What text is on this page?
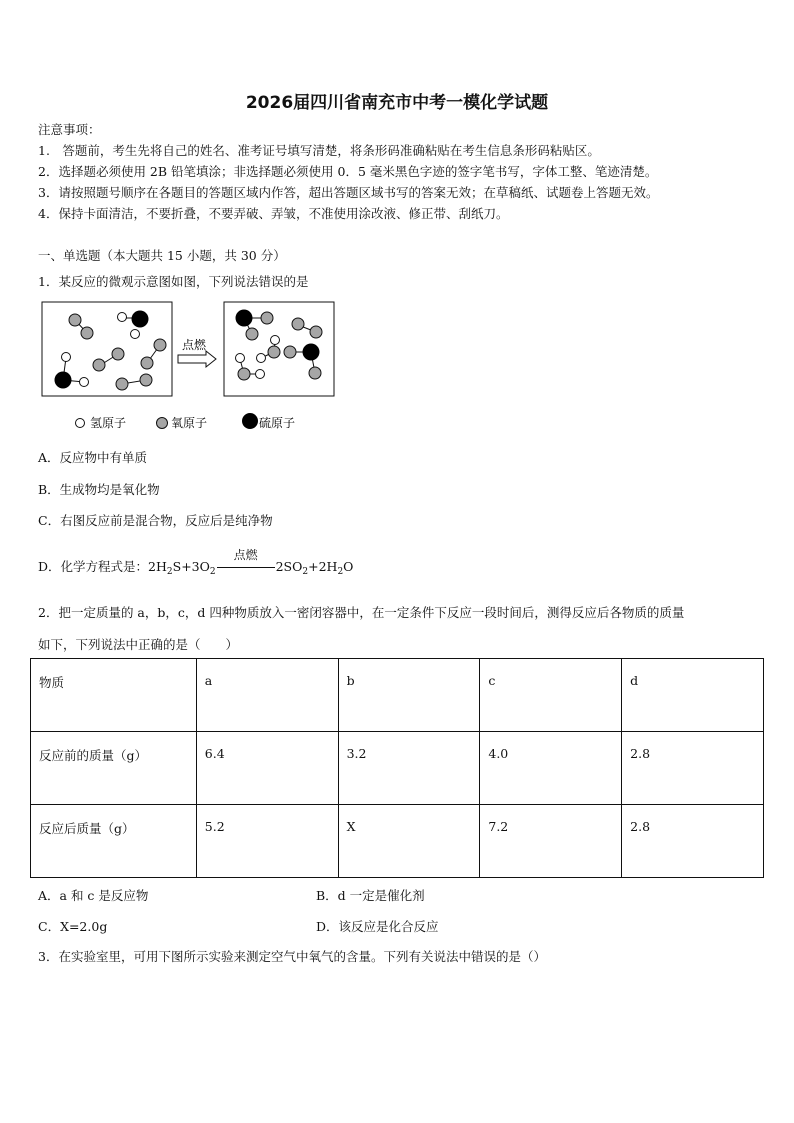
2026届四川省南充市中考一模化学试题
注意事项：
1.　答题前，考生先将自己的姓名、准考证号填写清楚，将条形码准确粘贴在考生信息条形码粘贴区。
2．选择题必须使用 2B 铅笔填涂；非选择题必须使用 0．5 毫米黑色字迹的签字笔书写，字体工整、笔迹清楚。
3．请按照题号顺序在各题目的答题区域内作答，超出答题区域书写的答案无效；在草稿纸、试题卷上答题无效。
4．保持卡面清洁，不要折叠，不要弄破、弄皱，不准使用涂改液、修正带、刮纸刀。
一、单选题（本大题共 15 小题，共 30 分）
1．某反应的微观示意图如图，下列说法错误的是
点燃
氢原子	氧原子	硫原子
A．反应物中有单质
B．生成物均是氧化物
C．右图反应前是混合物，反应后是纯净物
D．化学方程式是：$2H_2S+3O_2$
点燃
$2SO_2+2H_2O$
2．把一定质量的 a，b，c，d 四种物质放入一密闭容器中，在一定条件下反应一段时间后，测得反应后各物质的质量
如下，下列说法中正确的是（　　）
物质	a	b	c	d
反应前的质量（g）	6.4	3.2	4.0	2.8
反应后质量（g）	5.2	X	7.2	2.8
A．a 和 c 是反应物	B．d 一定是催化剂
C．X=2.0g	D．该反应是化合反应
3．在实验室里，可用下图所示实验来测定空气中氧气的含量。下列有关说法中错误的是（）
